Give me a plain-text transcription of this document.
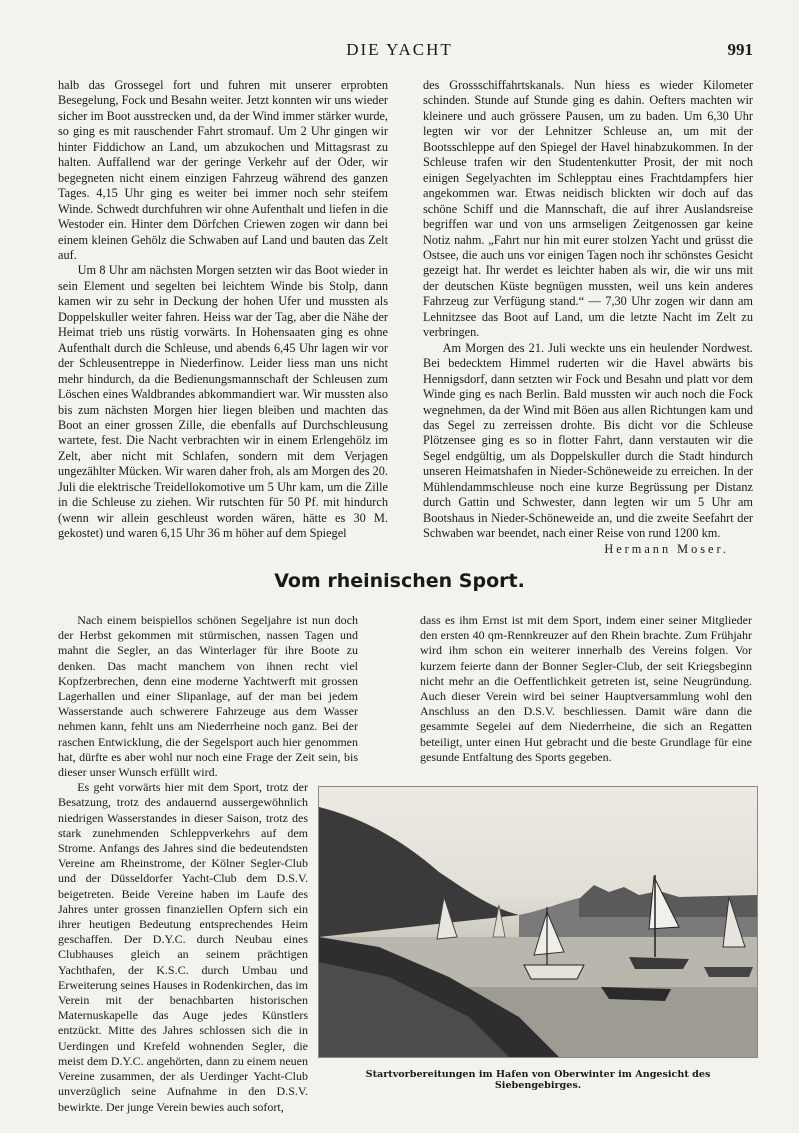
DIE YACHT	991

halb das Grossegel fort und fuhren mit unserer erprobten Besegelung, Fock und Besahn weiter. Jetzt konnten wir uns wieder sicher im Boot ausstrecken und, da der Wind immer stärker wurde, so ging es mit rauschender Fahrt stromauf. Um 2 Uhr gingen wir hinter Fiddichow an Land, um abzukochen und Mittagsrast zu halten. Auffallend war der geringe Verkehr auf der Oder, wir begegneten nicht einem einzigen Fahrzeug während des ganzen Tages. 4,15 Uhr ging es weiter bei immer noch sehr steifem Winde. Schwedt durchfuhren wir ohne Aufenthalt und liefen in die Westoder ein. Hinter dem Dörfchen Criewen zogen wir dann bei einem kleinen Gehölz die Schwaben auf Land und bauten das Zelt auf.

Um 8 Uhr am nächsten Morgen setzten wir das Boot wieder in sein Element und segelten bei leichtem Winde bis Stolp, dann kamen wir zu sehr in Deckung der hohen Ufer und mussten als Doppelskuller weiter fahren. Heiss war der Tag, aber die Nähe der Heimat trieb uns rüstig vorwärts. In Hohensaaten ging es ohne Aufenthalt durch die Schleuse, und abends 6,45 Uhr lagen wir vor der Schleusentreppe in Niederfinow. Leider liess man uns nicht mehr hindurch, da die Bedienungsmannschaft der Schleusen zum Löschen eines Waldbrandes abkommandiert war. Wir mussten also bis zum nächsten Morgen hier liegen bleiben und machten das Boot an einer grossen Zille, die ebenfalls auf Durchschleusung wartete, fest. Die Nacht verbrachten wir in einem Erlengehölz im Zelt, aber nicht mit Schlafen, sondern mit dem Verjagen ungezählter Mücken. Wir waren daher froh, als am Morgen des 20. Juli die elektrische Treidellokomotive um 5 Uhr kam, um die Zille in die Schleuse zu ziehen. Wir rutschten für 50 Pf. mit hindurch (wenn wir allein geschleust worden wären, hätte es 30 M. gekostet) und waren 6,15 Uhr 36 m höher auf dem Spiegel

des Grossschiffahrtskanals. Nun hiess es wieder Kilometer schinden. Stunde auf Stunde ging es dahin. Oefters machten wir kleinere und auch grössere Pausen, um zu baden. Um 6,30 Uhr legten wir vor der Lehnitzer Schleuse an, um mit der Bootsschleppe auf den Spiegel der Havel hinabzukommen. In der Schleuse trafen wir den Studentenkutter Prosit, der mit noch einigen Segelyachten im Schlepptau eines Frachtdampfers hier angekommen war. Etwas neidisch blickten wir doch auf das schöne Schiff und die Mannschaft, die auf ihrer Auslandsreise begriffen war und von uns armseligen Zeitgenossen gar keine Notiz nahm. „Fahrt nur hin mit eurer stolzen Yacht und grüsst die Ostsee, die auch uns vor einigen Tagen noch ihr schönstes Gesicht gezeigt hat. Ihr werdet es leichter haben als wir, die wir uns mit der deutschen Küste begnügen mussten, weil uns kein anderes Fahrzeug zur Verfügung stand.“ — 7,30 Uhr zogen wir dann am Lehnitzsee das Boot auf Land, um die letzte Nacht im Zelt zu verbringen.

Am Morgen des 21. Juli weckte uns ein heulender Nordwest. Bei bedecktem Himmel ruderten wir die Havel abwärts bis Hennigsdorf, dann setzten wir Fock und Besahn und platt vor dem Winde ging es nach Berlin. Bald mussten wir auch noch die Fock wegnehmen, da der Wind mit Böen aus allen Richtungen kam und das Segel zu zerreissen drohte. Bis dicht vor die Schleuse Plötzensee ging es so in flotter Fahrt, dann verstauten wir die Segel endgültig, um als Doppelskuller durch die Stadt hindurch unseren Heimatshafen in Nieder-Schöneweide zu erreichen. In der Mühlendammschleuse noch eine kurze Begrüssung per Distanz durch Gattin und Schwester, dann legten wir um 5 Uhr am Bootshaus in Nieder-Schöneweide an, und die zweite Seefahrt der Schwaben war beendet, nach einer Reise von rund 1200 km.

Hermann Moser.
Vom rheinischen Sport.

Nach einem beispiellos schönen Segeljahre ist nun doch der Herbst gekommen mit stürmischen, nassen Tagen und mahnt die Segler, an das Winterlager für ihre Boote zu denken. Das macht manchem von ihnen recht viel Kopfzerbrechen, denn eine moderne Yachtwerft mit grossen Lagerhallen und einer Slipanlage, auf der man bei jedem Wasserstande auch schwerere Fahrzeuge aus dem Wasser nehmen kann, fehlt uns am Niederrheine noch ganz. Bei der raschen Entwicklung, die der Segelsport auch hier genommen hat, dürfte es aber wohl nur noch eine Frage der Zeit sein, bis dieser unser Wunsch erfüllt wird.

Es geht vorwärts hier mit dem Sport, trotz der Besatzung, trotz des andauernd aussergewöhnlich niedrigen Wasserstandes in dieser Saison, trotz des stark zunehmenden Schleppverkehrs auf dem Strome. Anfangs des Jahres sind die bedeutendsten Vereine am Rheinstrome, der Kölner Segler-Club und der Düsseldorfer Yacht-Club dem D.S.V. beigetreten. Beide Vereine haben im Laufe des Jahres unter grossen finanziellen Opfern sich ein ihrer heutigen Bedeutung entsprechendes Heim geschaffen. Der D.Y.C. durch Neubau eines Clubhauses gleich an seinem prächtigen Yachthafen, der K.S.C. durch Umbau und Erweiterung seines Hauses in Rodenkirchen, das im Verein mit der benachbarten historischen Maternuskapelle das Auge jedes Künstlers entzückt. Mitte des Jahres schlossen sich die in Uerdingen und Krefeld wohnenden Segler, die meist dem D.Y.C. angehörten, dann zu einem neuen Vereine zusammen, der als Uerdinger Yacht-Club unverzüglich seine Aufnahme in den D.S.V. bewirkte. Der junge Verein bewies auch sofort,

dass es ihm Ernst ist mit dem Sport, indem einer seiner Mitglieder den ersten 40 qm-Rennkreuzer auf den Rhein brachte. Zum Frühjahr wird ihm schon ein weiterer innerhalb des Vereins folgen. Vor kurzem feierte dann der Bonner Segler-Club, der seit Kriegsbeginn nicht mehr an die Oeffentlichkeit getreten ist, seine Neugründung. Auch dieser Verein wird bei seiner Hauptversammlung wohl den Anschluss an den D.S.V. beschliessen. Damit wäre dann die gesammte Segelei auf dem Niederrheine, die sich an Regatten beteiligt, unter einen Hut gebracht und die beste Grundlage für eine gesunde Entfaltung des Sports gegeben.

Startvorbereitungen im Hafen von Oberwinter im Angesicht des Siebengebirges.
